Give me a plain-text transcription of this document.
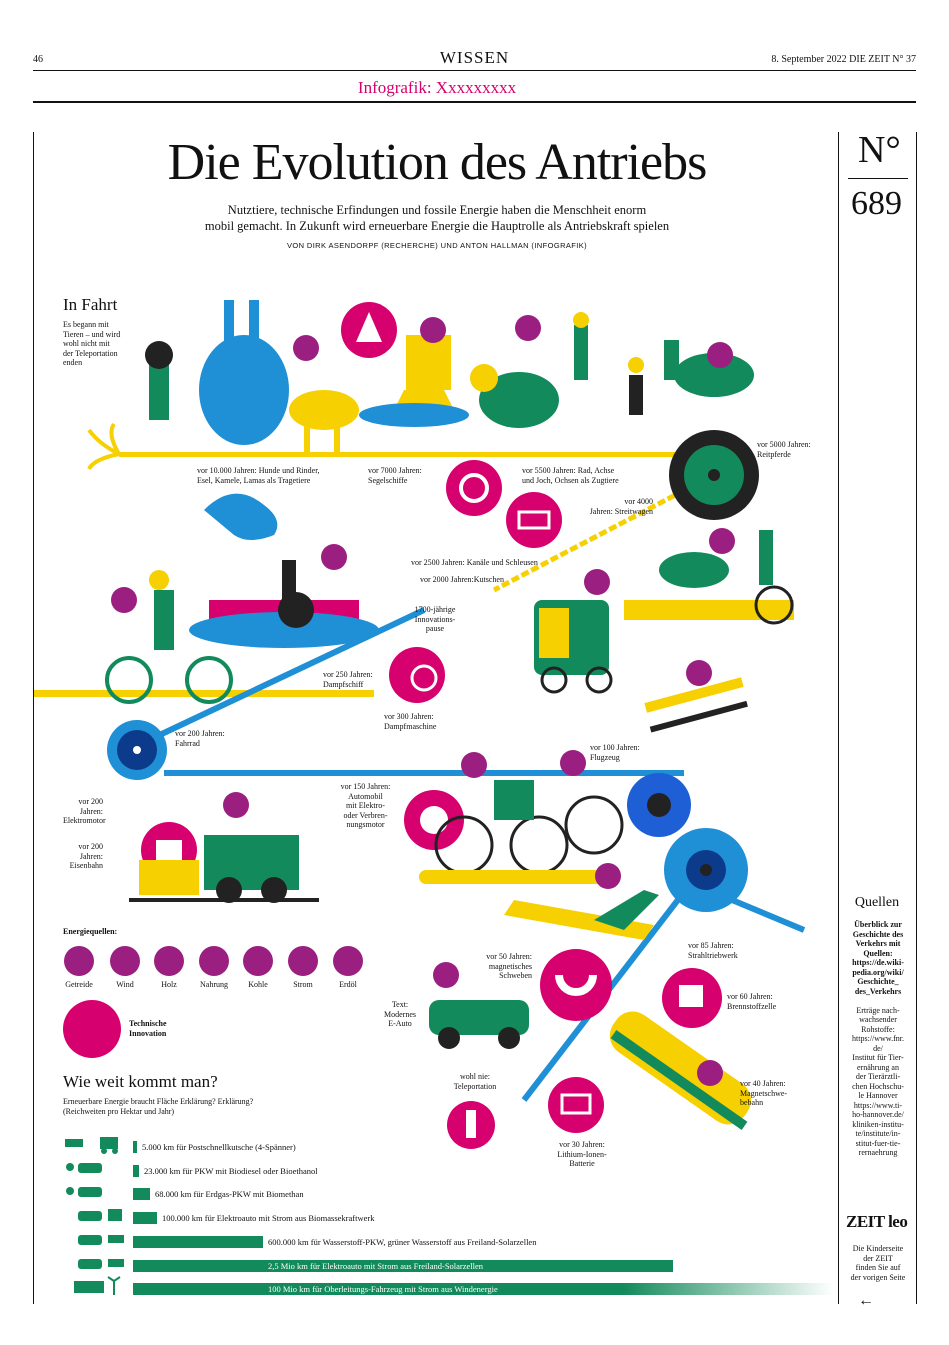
46	WISSEN	8. September 2022 DIE ZEIT N° 37
Infografik: Xxxxxxxxx
N°
689
Die Evolution des Antriebs
Nutztiere, technische Erfindungen und fossile Energie haben die Menschheit enorm
mobil gemacht. In Zukunft wird erneuerbare Energie die Hauptrolle als Antriebskraft spielen
VON DIRK ASENDORPF (RECHERCHE) UND ANTON HALLMAN (INFOGRAFIK)
In Fahrt
Es begann mit
Tieren – und wird
wohl nicht mit
der Teleportation
enden
vor 10.000 Jahren: Hunde und Rinder,
Esel, Kamele, Lamas als Tragetiere
vor 7000 Jahren:
Segelschiffe
vor 5500 Jahren: Rad, Achse
und Joch, Ochsen als Zugtiere
vor 5000 Jahren:
Reitpferde
vor 4000
Jahren: Streitwagen
vor 2500 Jahren: Kanäle und Schleusen
vor 2000 Jahren:Kutschen
1700-jährige
Innovations-
pause
vor 250 Jahren:
Dampfschiff
vor 300 Jahren:
Dampfmaschine
vor 200 Jahren:
Fahrrad	vor 100 Jahren:
Flugzeug
vor 200 Jahren:
Elektromotor
vor 200 Jahren:
Eisenbahn
vor 150 Jahren:
Automobil
mit Elektro-
oder Verbren-
nungsmotor
vor 85 Jahren:
Strahltriebwerk
vor 50 Jahren:
magnetisches
Schweben
vor 60 Jahren:
Brennstoffzelle
Text:
Modernes
E-Auto
wohl nie:
Teleportation	vor 40 Jahren:
Magnetschwe-
bebahn
vor 30 Jahren:
Lithium-Ionen-
Batterie
Energiequellen:
Getreide	Wind	Holz	Nahrung	Kohle	Strom	Erdöl
Technische
Innovation
Wie weit kommt man?
Erneuerbare Energie braucht Fläche Erklärung? Erklärung?
(Reichweiten pro Hektar und Jahr)
5.000 km für Postschnellkutsche (4-Spänner)
23.000 km für PKW mit Biodiesel oder Bioethanol
68.000 km für Erdgas-PKW mit Biomethan
100.000 km für Elektroauto mit Strom aus Biomassekraftwerk
600.000 km für Wasserstoff-PKW, grüner Wasserstoff aus Freiland-Solarzellen
2,5 Mio km für Elektroauto mit Strom aus Freiland-Solarzellen
100 Mio km für Oberleitungs-Fahrzeug mit Strom aus Windenergie
Quellen
Überblick zur
Geschichte des
Verkehrs mit
Quellen:
https://de.wiki-
pedia.org/wiki/
Geschichte_
des_Verkehrs
Erträge nach-
wachsender
Rohstoffe:
https://www.fnr.
de/
Institut für Tier-
ernährung an
der Tierärztli-
chen Hochschu-
le Hannover
https://www.ti-
ho-hannover.de/
kliniken-institu-
te/institute/in-
stitut-fuer-tie-
rernaehrung
ZEIT leo
Die Kinderseite
der ZEIT
finden Sie auf
der vorigen Seite
←
